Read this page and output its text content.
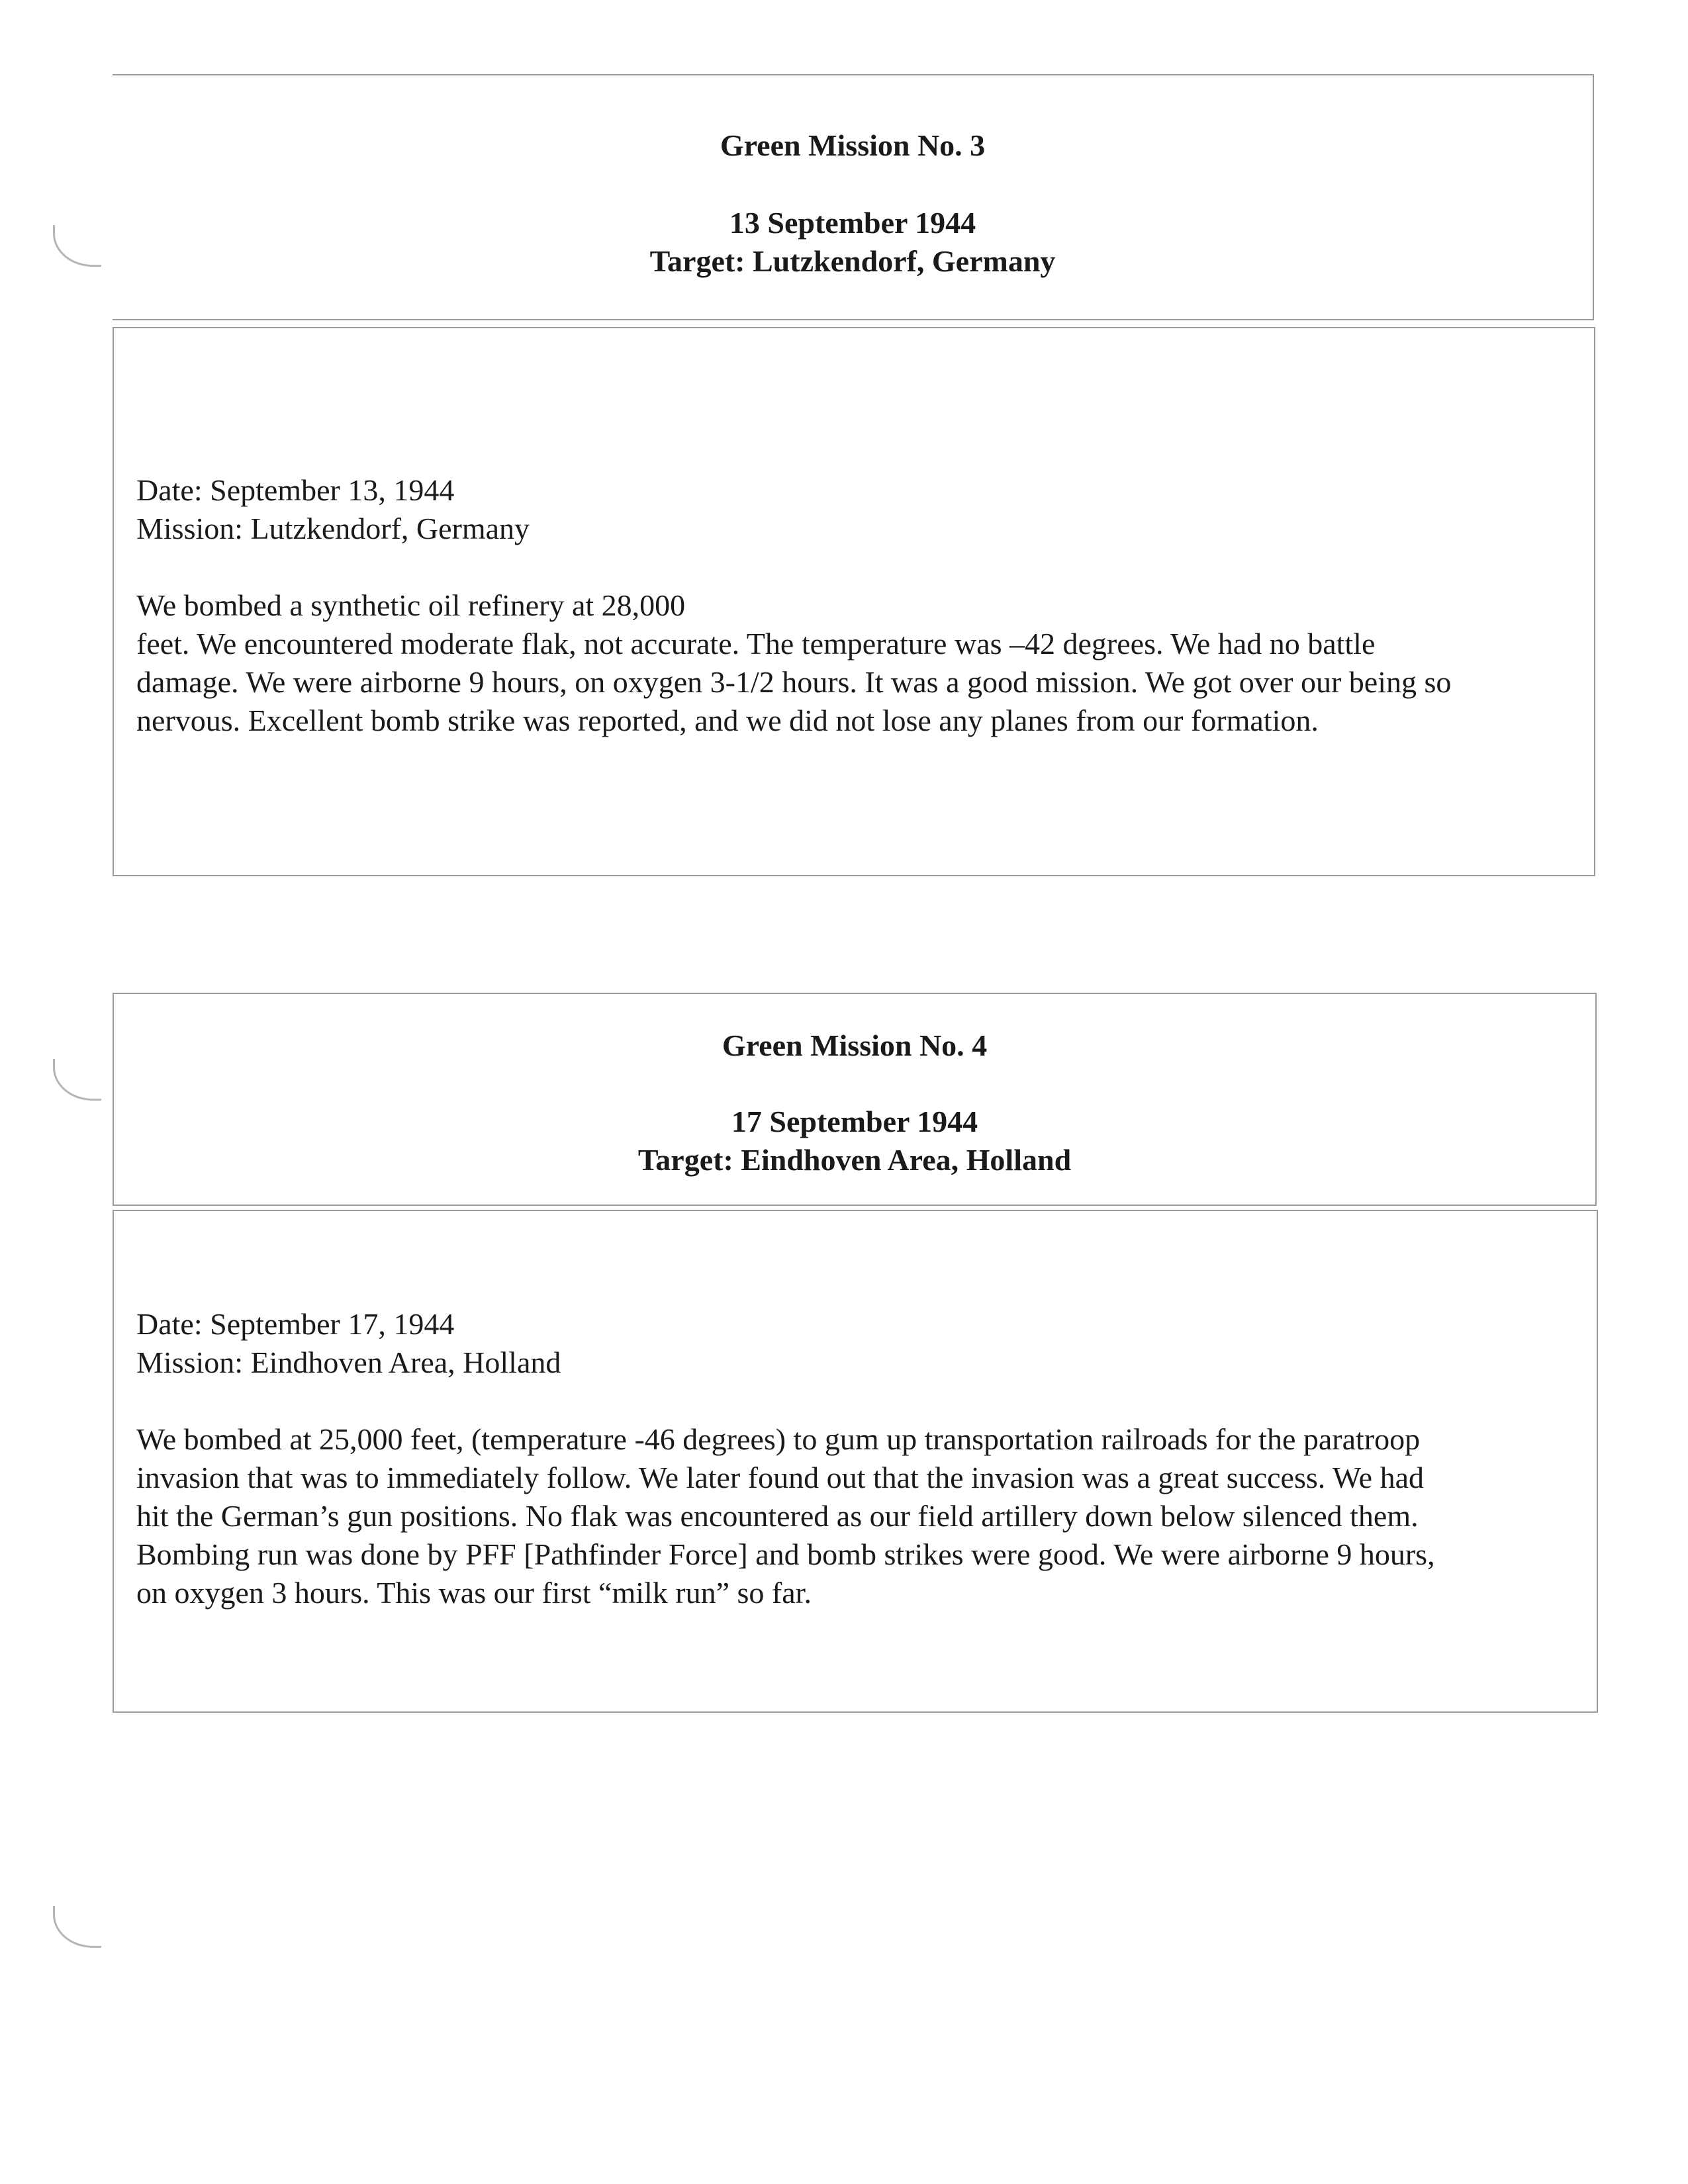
Green Mission No. 3
13 September 1944
Target: Lutzkendorf, Germany

Date: September 13, 1944

Mission: Lutzkendorf, Germany

We bombed a synthetic oil refinery at 28,000

feet. We encountered moderate flak, not accurate. The temperature was –42 degrees. We had no battle

damage. We were airborne 9 hours, on oxygen 3-1/2 hours. It was a good mission. We got over our being so

nervous. Excellent bomb strike was reported, and we did not lose any planes from our formation.

Green Mission No. 4
17 September 1944
Target: Eindhoven Area, Holland

Date: September 17, 1944

Mission: Eindhoven Area, Holland

We bombed at 25,000 feet, (temperature -46 degrees) to gum up transportation railroads for the paratroop

invasion that was to immediately follow. We later found out that the invasion was a great success. We had

hit the German’s gun positions. No flak was encountered as our field artillery down below silenced them.

Bombing run was done by PFF [Pathfinder Force] and bomb strikes were good. We were airborne 9 hours,

on oxygen 3 hours. This was our first “milk run” so far.
